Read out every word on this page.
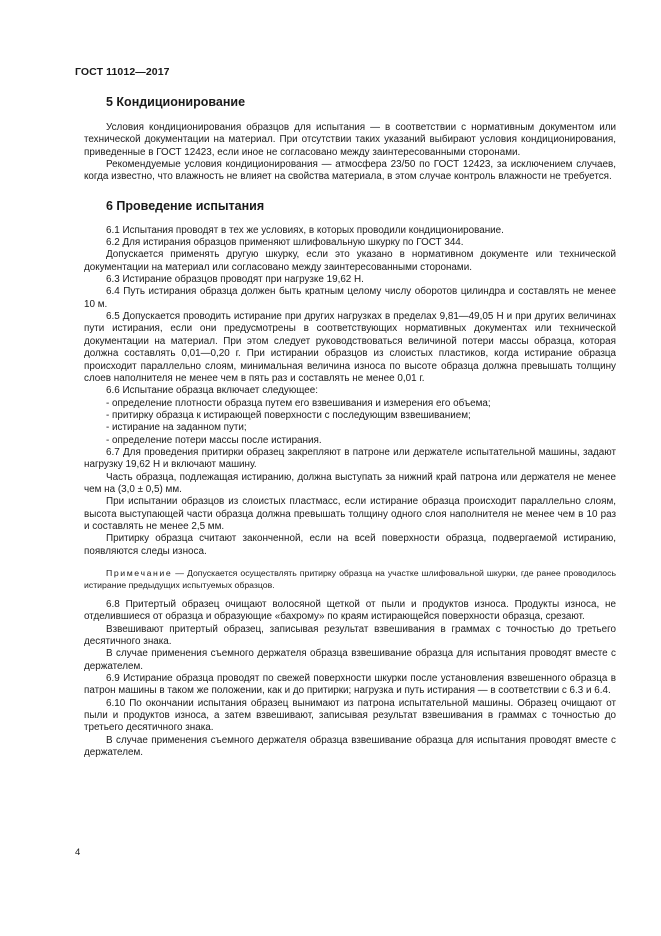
ГОСТ 11012—2017
5 Кондиционирование

Условия кондиционирования образцов для испытания — в соответствии с нормативным документом или технической документации на материал. При отсутствии таких указаний выбирают условия кондиционирования, приведенные в ГОСТ 12423, если иное не согласовано между заинтересованными сторонами.

Рекомендуемые условия кондиционирования — атмосфера 23/50 по ГОСТ 12423, за исключением случаев, когда известно, что влажность не влияет на свойства материала, в этом случае контроль влажности не требуется.

6 Проведение испытания

6.1 Испытания проводят в тех же условиях, в которых проводили кондиционирование.

6.2 Для истирания образцов применяют шлифовальную шкурку по ГОСТ 344.

Допускается применять другую шкурку, если это указано в нормативном документе или технической документации на материал или согласовано между заинтересованными сторонами.

6.3 Истирание образцов проводят при нагрузке 19,62 Н.

6.4 Путь истирания образца должен быть кратным целому числу оборотов цилиндра и составлять не менее 10 м.

6.5 Допускается проводить истирание при других нагрузках в пределах 9,81—49,05 Н и при других величинах пути истирания, если они предусмотрены в соответствующих нормативных документах или технической документации на материал. При этом следует руководствоваться величиной потери массы образца, которая должна составлять 0,01—0,20 г. При истирании образцов из слоистых пластиков, когда истирание образца происходит параллельно слоям, минимальная величина износа по высоте образца должна превышать толщину слоев наполнителя не менее чем в пять раз и составлять не менее 0,01 г.

6.6 Испытание образца включает следующее:

- определение плотности образца путем его взвешивания и измерения его объема;

- притирку образца к истирающей поверхности с последующим взвешиванием;

- истирание на заданном пути;

- определение потери массы после истирания.

6.7 Для проведения притирки образец закрепляют в патроне или держателе испытательной машины, задают нагрузку 19,62 Н и включают машину.

Часть образца, подлежащая истиранию, должна выступать за нижний край патрона или держателя не менее чем на (3,0 ± 0,5) мм.

При испытании образцов из слоистых пластмасс, если истирание образца происходит параллельно слоям, высота выступающей части образца должна превышать толщину одного слоя наполнителя не менее чем в 10 раз и составлять не менее 2,5 мм.

Притирку образца считают законченной, если на всей поверхности образца, подвергаемой истиранию, появляются следы износа.

Примечание — Допускается осуществлять притирку образца на участке шлифовальной шкурки, где ранее проводилось истирание предыдущих испытуемых образцов.

6.8 Притертый образец очищают волосяной щеткой от пыли и продуктов износа. Продукты износа, не отделившиеся от образца и образующие «бахрому» по краям истирающейся поверхности образца, срезают.

Взвешивают притертый образец, записывая результат взвешивания в граммах с точностью до третьего десятичного знака.

В случае применения съемного держателя образца взвешивание образца для испытания проводят вместе с держателем.

6.9 Истирание образца проводят по свежей поверхности шкурки после установления взвешенного образца в патрон машины в таком же положении, как и до притирки; нагрузка и путь истирания — в соответствии с 6.3 и 6.4.

6.10 По окончании испытания образец вынимают из патрона испытательной машины. Образец очищают от пыли и продуктов износа, а затем взвешивают, записывая результат взвешивания в граммах с точностью до третьего десятичного знака.

В случае применения съемного держателя образца взвешивание образца для испытания проводят вместе с держателем.

4
